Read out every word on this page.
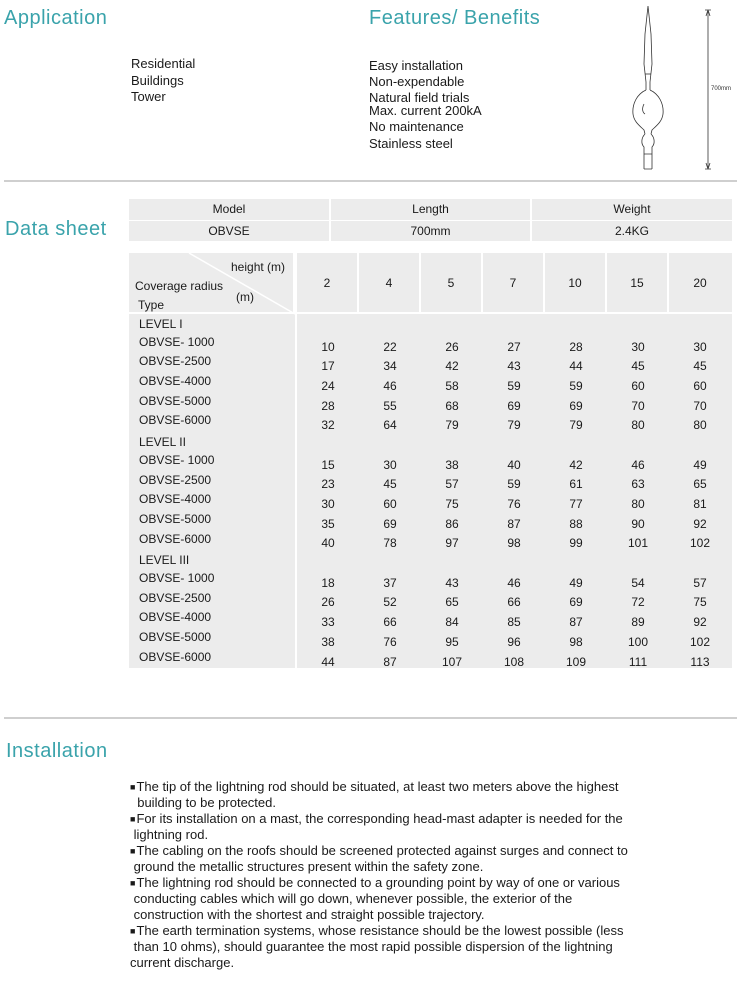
Application
Residential
Buildings
Tower
Features/ Benefits
Easy installation
Non-expendable
Natural field trials
Max. current 200kA
No maintenance
Stainless steel
700mm
Data sheet
Model	Length	Weight
OBVSE	700mm	2.4KG
height (m)
Coverage radius
(m)
Type
2	4	5	7	10	15	20
LEVEL I
OBVSE- 1000	10	22	26	27	28	30	30
OBVSE-2500	17	34	42	43	44	45	45
OBVSE-4000	24	46	58	59	59	60	60
OBVSE-5000	28	55	68	69	69	70	70
OBVSE-6000	32	64	79	79	79	80	80
LEVEL II
OBVSE- 1000	15	30	38	40	42	46	49
OBVSE-2500	23	45	57	59	61	63	65
OBVSE-4000	30	60	75	76	77	80	81
OBVSE-5000	35	69	86	87	88	90	92
OBVSE-6000	40	78	97	98	99	101	102
LEVEL III
OBVSE- 1000	18	37	43	46	49	54	57
OBVSE-2500	26	52	65	66	69	72	75
OBVSE-4000	33	66	84	85	87	89	92
OBVSE-5000	38	76	95	96	98	100	102
OBVSE-6000	44	87	107	108	109	111	113
Installation

■The tip of the lightning rod should be situated, at least two meters above the highest
building to be protected.

■For its installation on a mast, the corresponding head-mast adapter is needed for the
lightning rod.

■The cabling on the roofs should be screened protected against surges and connect to
ground the metallic structures present within the safety zone.

■The lightning rod should be connected to a grounding point by way of one or various
conducting cables which will go down, whenever possible, the exterior of the
construction with the shortest and straight possible trajectory.

■The earth termination systems, whose resistance should be the lowest possible (less
than 10 ohms), should guarantee the most rapid possible dispersion of the lightning

current discharge.
